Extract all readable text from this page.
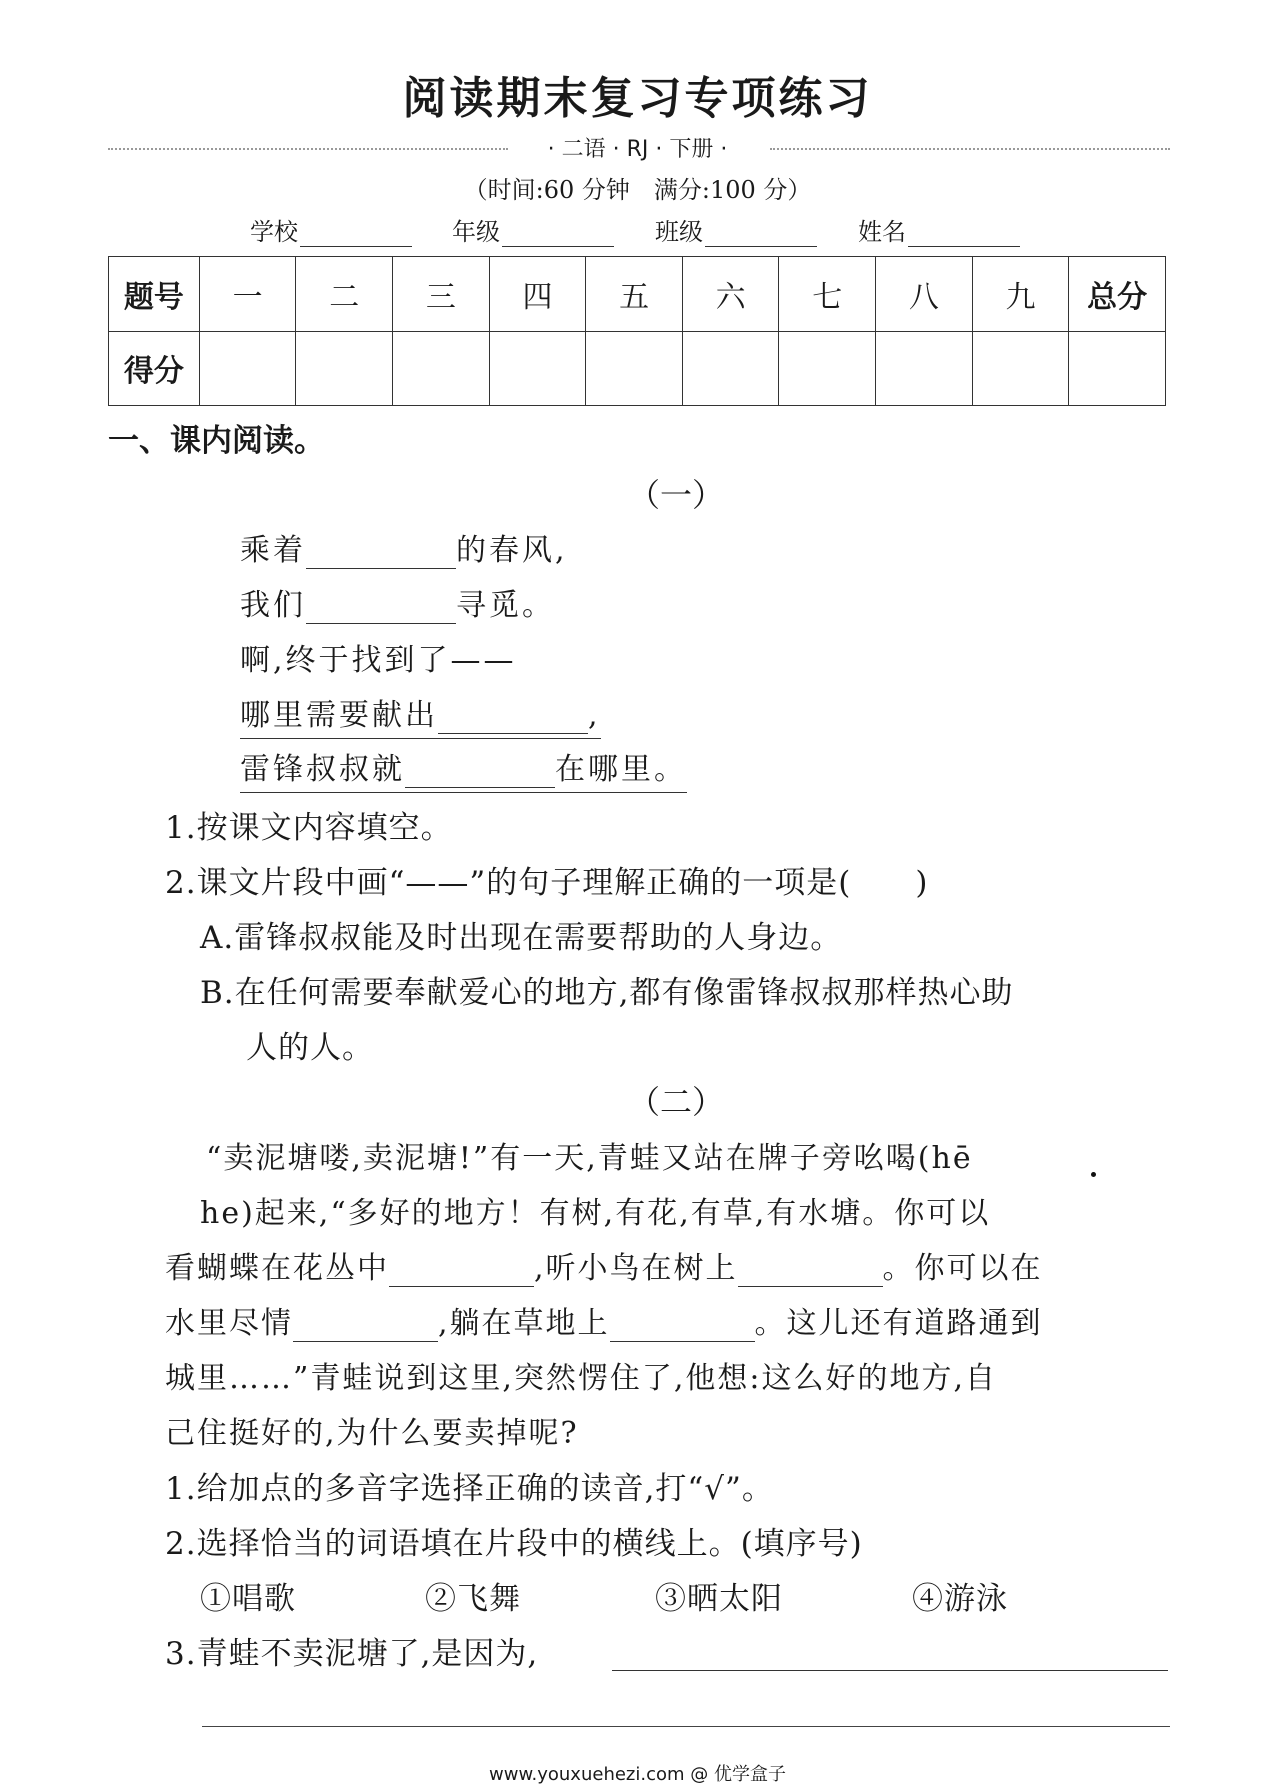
阅读期末复习专项练习
· 二语 · RJ · 下册 ·
（时间:60 分钟　满分:100 分）
学校	年级	班级	姓名
题号	一	二	三	四	五	六	七	八	九	总分
得分										
一、课内阅读。
（一）
乘着	的春风,
我们	寻觅。
啊,终于找到了——
哪里需要献出	,
雷锋叔叔就	在哪里。
1.按课文内容填空。
2.课文片段中画“——”的句子理解正确的一项是(　　)
A.雷锋叔叔能及时出现在需要帮助的人身边。
B.在任何需要奉献爱心的地方,都有像雷锋叔叔那样热心助
人的人。
（二）
“卖泥塘喽,卖泥塘!”有一天,青蛙又站在牌子旁吆喝(hē
he)起来,“多好的地方！有树,有花,有草,有水塘。你可以
看蝴蝶在花丛中	,听小鸟在树上	。你可以在
水里尽情	,躺在草地上	。这儿还有道路通到
城里……”青蛙说到这里,突然愣住了,他想:这么好的地方,自
己住挺好的,为什么要卖掉呢?
1.给加点的多音字选择正确的读音,打“√”。
2.选择恰当的词语填在片段中的横线上。(填序号)
①唱歌	②飞舞	③晒太阳	④游泳
3.青蛙不卖泥塘了,是因为,
www.youxuehezi.com @ 优学盒子
